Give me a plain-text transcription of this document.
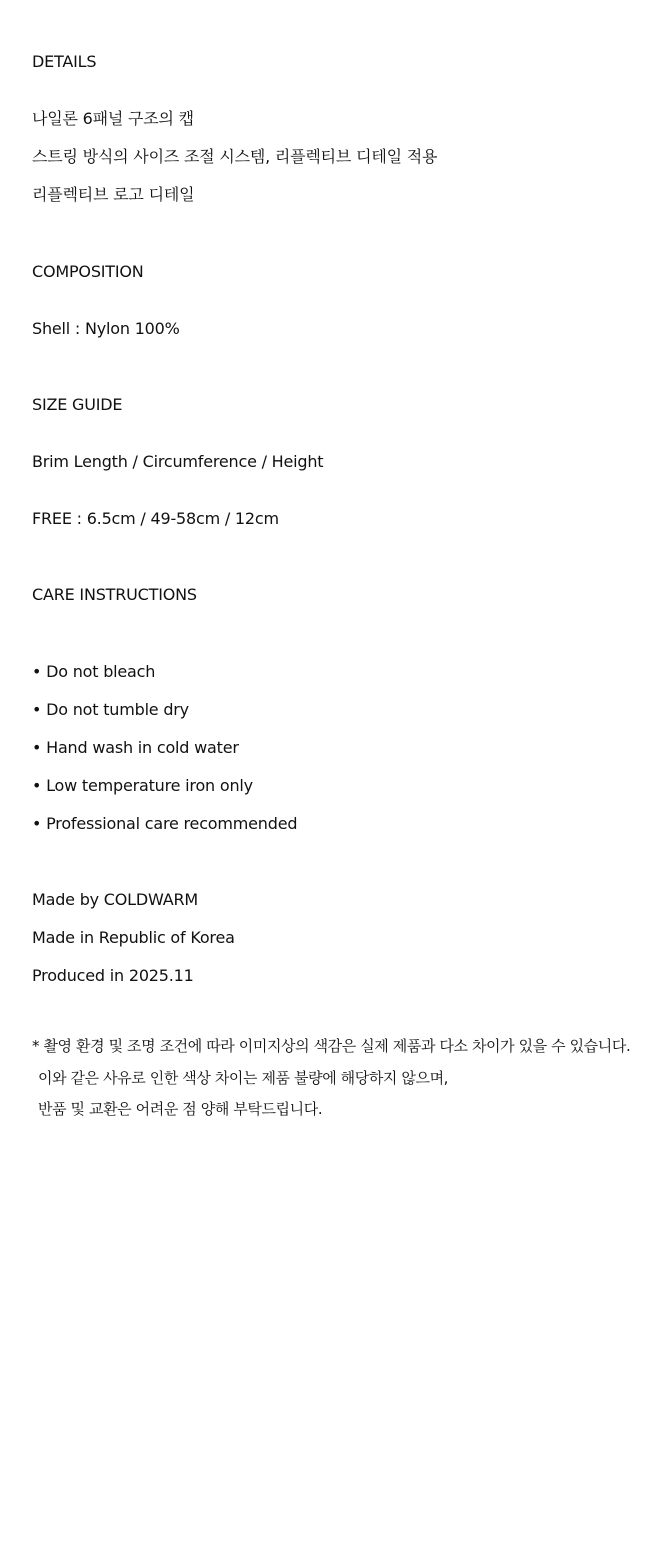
DETAILS
나일론 6패널 구조의 캡
스트링 방식의 사이즈 조절 시스템, 리플렉티브 디테일 적용
리플렉티브 로고 디테일
COMPOSITION
Shell : Nylon 100%
SIZE GUIDE
Brim Length / Circumference / Height
FREE : 6.5cm / 49-58cm / 12cm
CARE INSTRUCTIONS
• Do not bleach
• Do not tumble dry
• Hand wash in cold water
• Low temperature iron only
• Professional care recommended
Made by COLDWARM
Made in Republic of Korea
Produced in 2025.11
* 촬영 환경 및 조명 조건에 따라 이미지상의 색감은 실제 제품과 다소 차이가 있을 수 있습니다.
이와 같은 사유로 인한 색상 차이는 제품 불량에 해당하지 않으며,
반품 및 교환은 어려운 점 양해 부탁드립니다.
